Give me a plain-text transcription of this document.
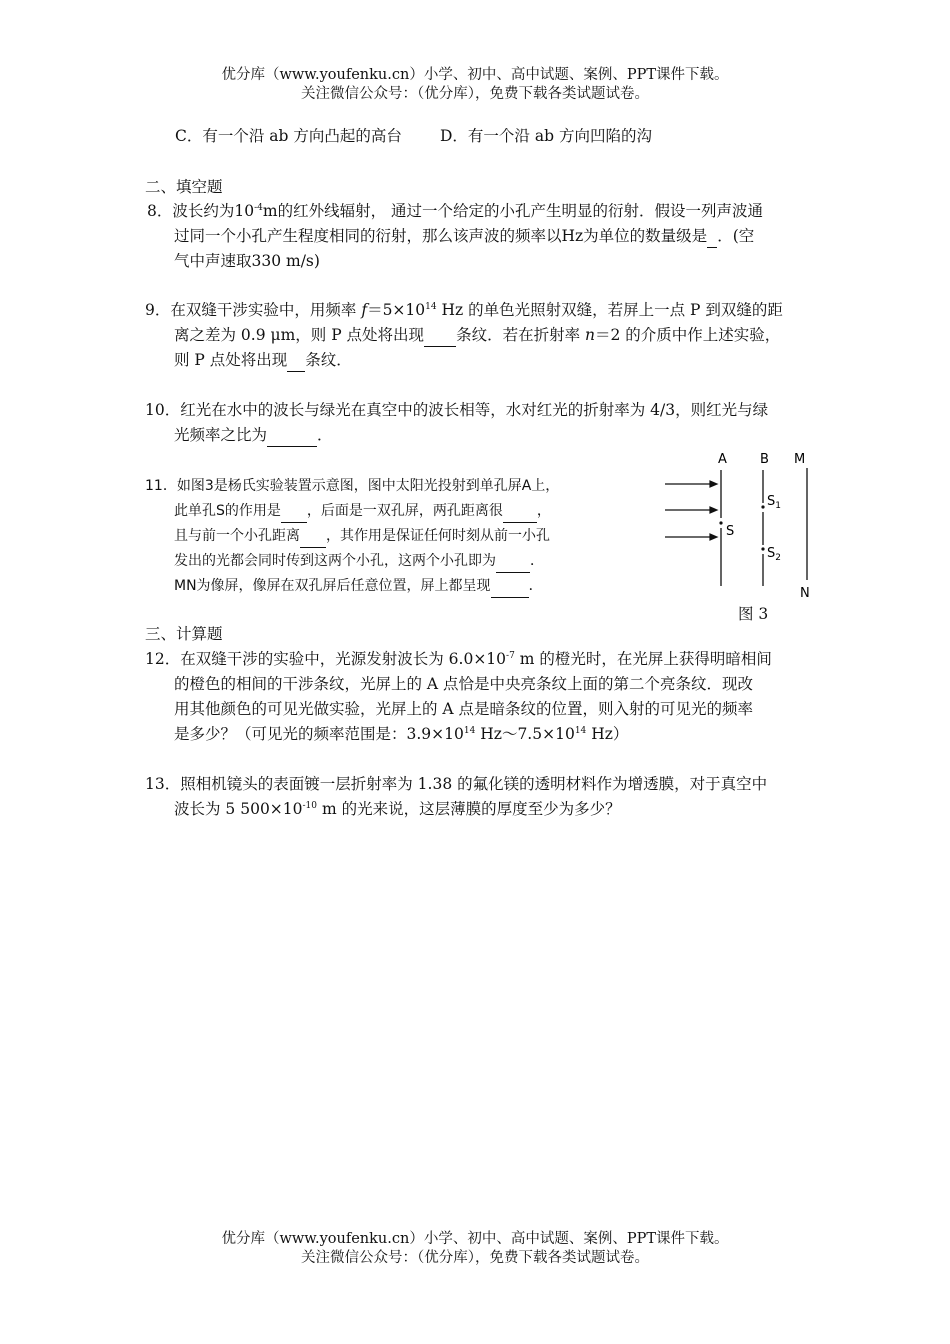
优分库（www.youfenku.cn）小学、初中、高中试题、案例、PPT课件下载。
关注微信公众号：（优分库），免费下载各类试题试卷。
C．有一个沿 ab 方向凸起的高台 D．有一个沿 ab 方向凹陷的沟
二、填空题
8．波长约为$10^{-4}m$的红外线辐射， 通过一个给定的小孔产生明显的衍射．假设一列声波通
过同一个小孔产生程度相同的衍射，那么该声波的频率以Hz为单位的数量级是 ．(空
气中声速取330 m/s)
9．在双缝干涉实验中，用频率 $f=5\times 10^{14}$ Hz 的单色光照射双缝，若屏上一点 P 到双缝的距
离之差为 0.9 μm，则 P 点处将出现 条纹．若在折射率 n＝2 的介质中作上述实验，
则 P 点处将出现 条纹．
10．红光在水中的波长与绿光在真空中的波长相等，水对红光的折射率为 4/3，则红光与绿
光频率之比为	．
11．如图3是杨氏实验装置示意图，图中太阳光投射到单孔屏A上，
此单孔S的作用是 ，后面是一双孔屏，两孔距离很 ，
且与前一个小孔距离 ，其作用是保证任何时刻从前一小孔
发出的光都会同时传到这两个小孔，这两个小孔即为 ．
MN为像屏，像屏在双孔屏后任意位置，屏上都呈现	．
A	B M
S
$S_1$
$S_2$
N
图 3
三、计算题
12．在双缝干涉的实验中，光源发射波长为 $6.0\times 10^{-7}$ m 的橙光时，在光屏上获得明暗相间
的橙色的相间的干涉条纹，光屏上的 A 点恰是中央亮条纹上面的第二个亮条纹．现改
用其他颜色的可见光做实验，光屏上的 A 点是暗条纹的位置，则入射的可见光的频率
是多少？（可见光的频率范围是：$3.9\times 10^{14}$ $Hz\sim 7.5\times 10^{14}$ Hz）
13．照相机镜头的表面镀一层折射率为 1.38 的氟化镁的透明材料作为增透膜，对于真空中
波长为 5 $500\times 10^{-10}$ m 的光来说，这层薄膜的厚度至少为多少？
优分库（www.youfenku.cn）小学、初中、高中试题、案例、PPT课件下载。
关注微信公众号：（优分库），免费下载各类试题试卷。
